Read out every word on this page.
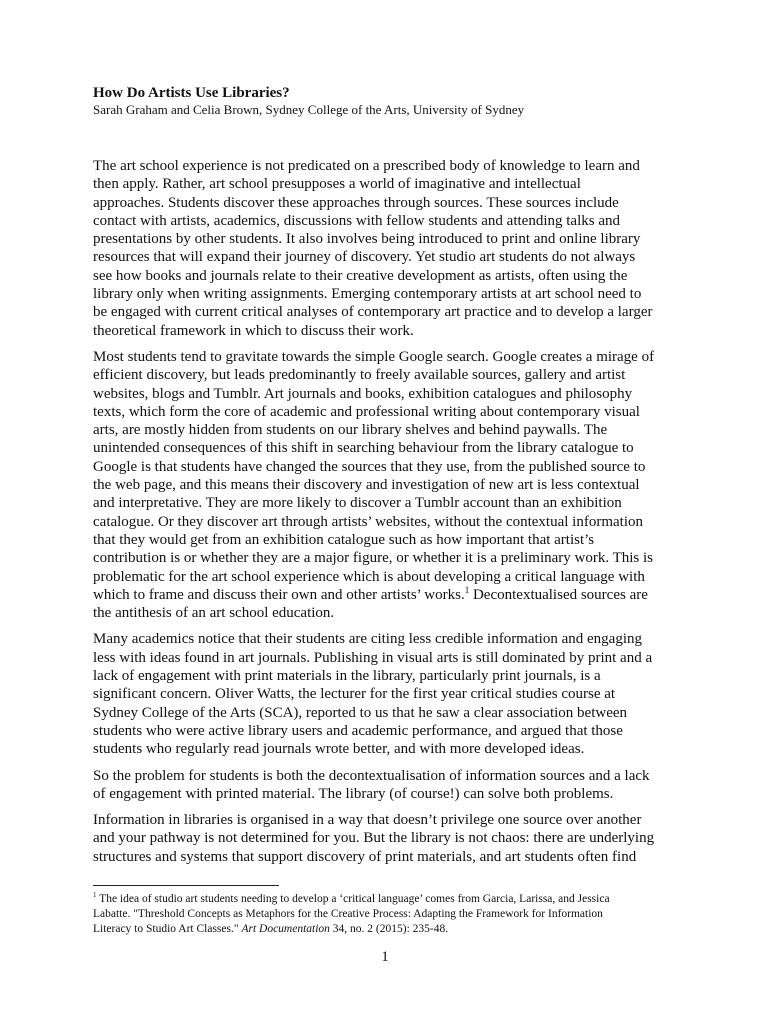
How Do Artists Use Libraries?

Sarah Graham and Celia Brown, Sydney College of the Arts, University of Sydney

The art school experience is not predicated on a prescribed body of knowledge to learn and
then apply. Rather, art school presupposes a world of imaginative and intellectual
approaches. Students discover these approaches through sources. These sources include
contact with artists, academics, discussions with fellow students and attending talks and
presentations by other students. It also involves being introduced to print and online library
resources that will expand their journey of discovery. Yet studio art students do not always
see how books and journals relate to their creative development as artists, often using the
library only when writing assignments. Emerging contemporary artists at art school need to
be engaged with current critical analyses of contemporary art practice and to develop a larger
theoretical framework in which to discuss their work.

Most students tend to gravitate towards the simple Google search. Google creates a mirage of
efficient discovery, but leads predominantly to freely available sources, gallery and artist
websites, blogs and Tumblr. Art journals and books, exhibition catalogues and philosophy
texts, which form the core of academic and professional writing about contemporary visual
arts, are mostly hidden from students on our library shelves and behind paywalls. The
unintended consequences of this shift in searching behaviour from the library catalogue to
Google is that students have changed the sources that they use, from the published source to
the web page, and this means their discovery and investigation of new art is less contextual
and interpretative. They are more likely to discover a Tumblr account than an exhibition
catalogue. Or they discover art through artists’ websites, without the contextual information
that they would get from an exhibition catalogue such as how important that artist’s
contribution is or whether they are a major figure, or whether it is a preliminary work. This is
problematic for the art school experience which is about developing a critical language with
which to frame and discuss their own and other artists’ works.$^1$ Decontextualised sources are
the antithesis of an art school education.

Many academics notice that their students are citing less credible information and engaging
less with ideas found in art journals. Publishing in visual arts is still dominated by print and a
lack of engagement with print materials in the library, particularly print journals, is a
significant concern. Oliver Watts, the lecturer for the first year critical studies course at
Sydney College of the Arts (SCA), reported to us that he saw a clear association between
students who were active library users and academic performance, and argued that those
students who regularly read journals wrote better, and with more developed ideas.

So the problem for students is both the decontextualisation of information sources and a lack
of engagement with printed material. The library (of course!) can solve both problems.

Information in libraries is organised in a way that doesn’t privilege one source over another
and your pathway is not determined for you. But the library is not chaos: there are underlying
structures and systems that support discovery of print materials, and art students often find

$^1$ The idea of studio art students needing to develop a ‘critical language’ comes from Garcia, Larissa, and Jessica
Labatte. "Threshold Concepts as Metaphors for the Creative Process: Adapting the Framework for Information
Literacy to Studio Art Classes." Art Documentation 34, no. 2 (2015): 235-48.
1
